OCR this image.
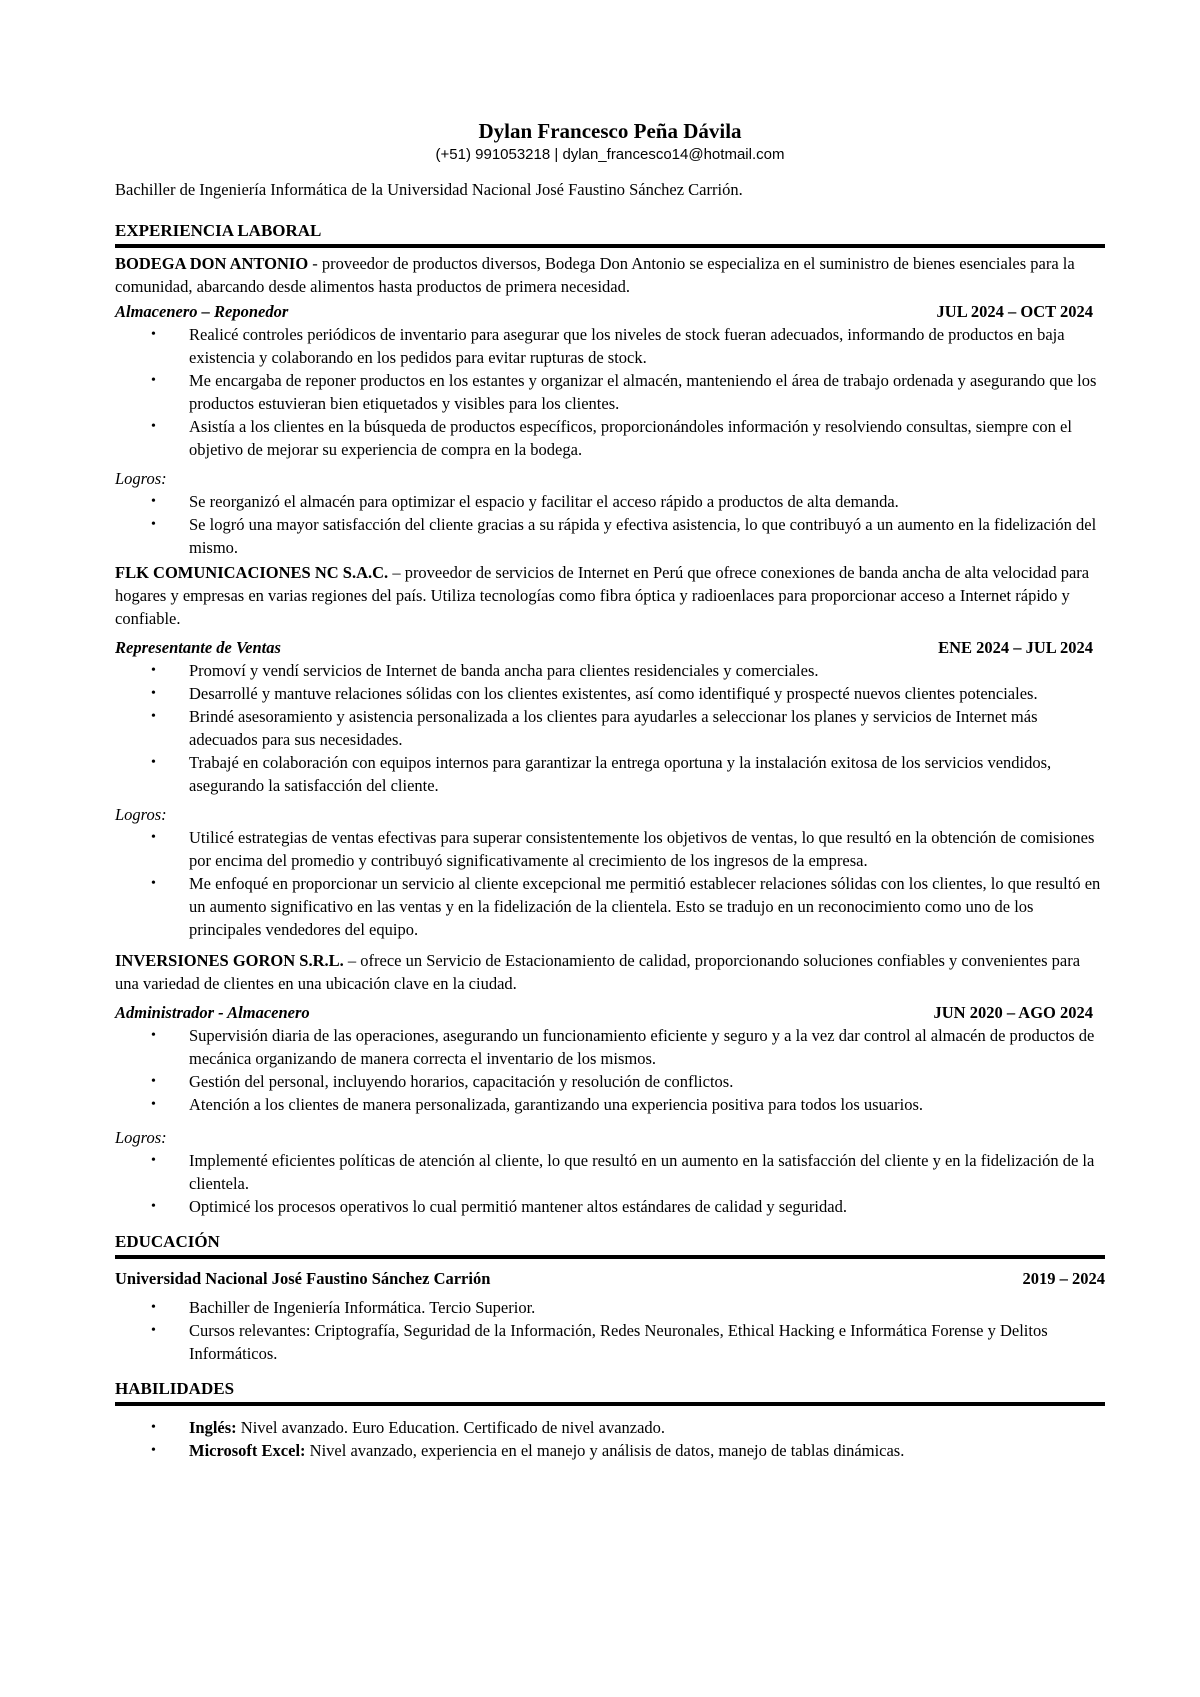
Dylan Francesco Peña Dávila
(+51) 991053218 | dylan_francesco14@hotmail.com
Bachiller de Ingeniería Informática de la Universidad Nacional José Faustino Sánchez Carrión.
EXPERIENCIA LABORAL
BODEGA DON ANTONIO - proveedor de productos diversos, Bodega Don Antonio se especializa en el suministro de bienes esenciales para la comunidad, abarcando desde alimentos hasta productos de primera necesidad.
Almacenero – Reponedor	JUL 2024 – OCT 2024
• Realicé controles periódicos de inventario para asegurar que los niveles de stock fueran adecuados, informando de productos en baja existencia y colaborando en los pedidos para evitar rupturas de stock.
• Me encargaba de reponer productos en los estantes y organizar el almacén, manteniendo el área de trabajo ordenada y asegurando que los productos estuvieran bien etiquetados y visibles para los clientes.
• Asistía a los clientes en la búsqueda de productos específicos, proporcionándoles información y resolviendo consultas, siempre con el objetivo de mejorar su experiencia de compra en la bodega.
Logros:
• Se reorganizó el almacén para optimizar el espacio y facilitar el acceso rápido a productos de alta demanda.
• Se logró una mayor satisfacción del cliente gracias a su rápida y efectiva asistencia, lo que contribuyó a un aumento en la fidelización del mismo.
FLK COMUNICACIONES NC S.A.C. – proveedor de servicios de Internet en Perú que ofrece conexiones de banda ancha de alta velocidad para hogares y empresas en varias regiones del país. Utiliza tecnologías como fibra óptica y radioenlaces para proporcionar acceso a Internet rápido y confiable.
Representante de Ventas	ENE 2024 – JUL 2024
• Promoví y vendí servicios de Internet de banda ancha para clientes residenciales y comerciales.
• Desarrollé y mantuve relaciones sólidas con los clientes existentes, así como identifiqué y prospecté nuevos clientes potenciales.
• Brindé asesoramiento y asistencia personalizada a los clientes para ayudarles a seleccionar los planes y servicios de Internet más adecuados para sus necesidades.
• Trabajé en colaboración con equipos internos para garantizar la entrega oportuna y la instalación exitosa de los servicios vendidos, asegurando la satisfacción del cliente.
Logros:
• Utilicé estrategias de ventas efectivas para superar consistentemente los objetivos de ventas, lo que resultó en la obtención de comisiones por encima del promedio y contribuyó significativamente al crecimiento de los ingresos de la empresa.
• Me enfoqué en proporcionar un servicio al cliente excepcional me permitió establecer relaciones sólidas con los clientes, lo que resultó en un aumento significativo en las ventas y en la fidelización de la clientela. Esto se tradujo en un reconocimiento como uno de los principales vendedores del equipo.
INVERSIONES GORON S.R.L. – ofrece un Servicio de Estacionamiento de calidad, proporcionando soluciones confiables y convenientes para una variedad de clientes en una ubicación clave en la ciudad.
Administrador - Almacenero	JUN 2020 – AGO 2024
• Supervisión diaria de las operaciones, asegurando un funcionamiento eficiente y seguro y a la vez dar control al almacén de productos de mecánica organizando de manera correcta el inventario de los mismos.
• Gestión del personal, incluyendo horarios, capacitación y resolución de conflictos.
• Atención a los clientes de manera personalizada, garantizando una experiencia positiva para todos los usuarios.
Logros:
• Implementé eficientes políticas de atención al cliente, lo que resultó en un aumento en la satisfacción del cliente y en la fidelización de la clientela.
• Optimicé los procesos operativos lo cual permitió mantener altos estándares de calidad y seguridad.
EDUCACIÓN
Universidad Nacional José Faustino Sánchez Carrión	2019 – 2024
• Bachiller de Ingeniería Informática. Tercio Superior.
• Cursos relevantes: Criptografía, Seguridad de la Información, Redes Neuronales, Ethical Hacking e Informática Forense y Delitos Informáticos.
HABILIDADES
• Inglés: Nivel avanzado. Euro Education. Certificado de nivel avanzado.
• Microsoft Excel: Nivel avanzado, experiencia en el manejo y análisis de datos, manejo de tablas dinámicas.
